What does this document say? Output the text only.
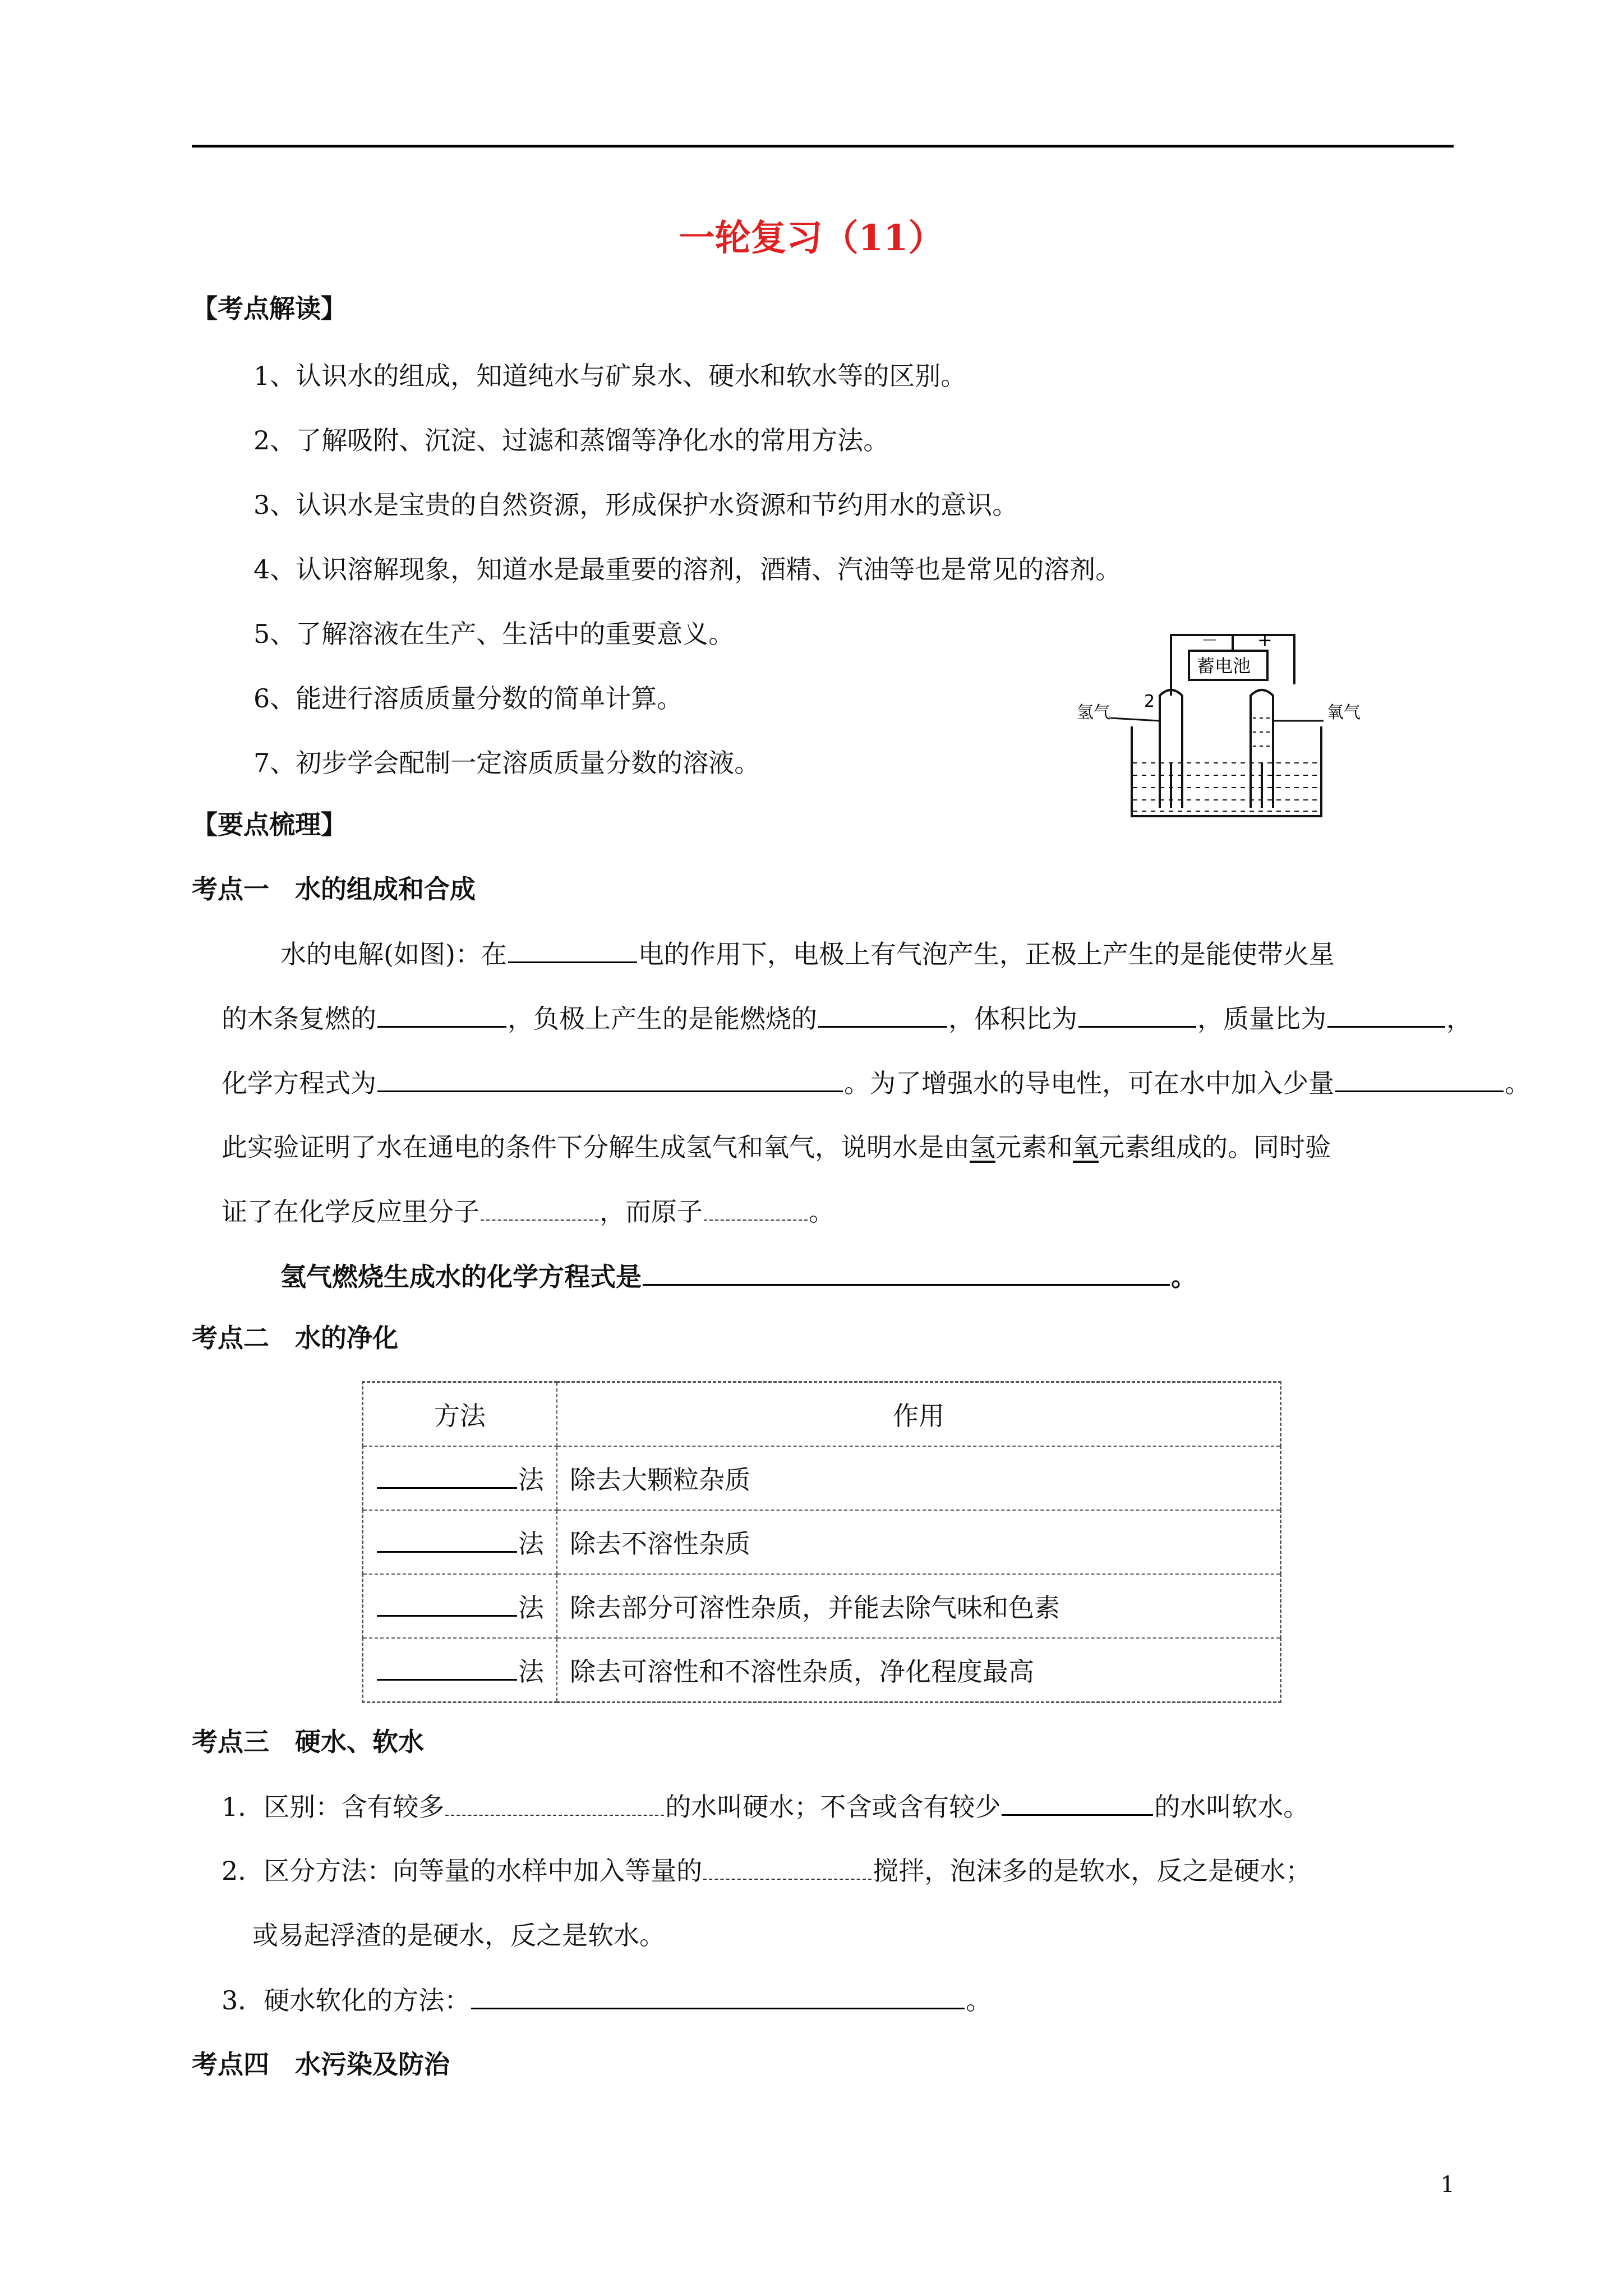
一轮复习（11）
【考点解读】
1、认识水的组成，知道纯水与矿泉水、硬水和软水等的区别。
2、了解吸附、沉淀、过滤和蒸馏等净化水的常用方法。
3、认识水是宝贵的自然资源，形成保护水资源和节约用水的意识。
4、认识溶解现象，知道水是最重要的溶剂，酒精、汽油等也是常见的溶剂。
5、了解溶液在生产、生活中的重要意义。
6、能进行溶质质量分数的简单计算。
7、初步学会配制一定溶质质量分数的溶液。
－ +
蓄电池
2
氢气	氧气
【要点梳理】
考点一　水的组成和合成
水的电解(如图)：在	电的作用下，电极上有气泡产生，正极上产生的是能使带火星
的木条复燃的	，负极上产生的是能燃烧的	，体积比为	，质量比为	，
化学方程式为	。为了增强水的导电性，可在水中加入少量	。
此实验证明了水在通电的条件下分解生成氢气和氧气，说明水是由氢元素和氧元素组成的。同时验
证了在化学反应里分子	，而原子	。
氢气燃烧生成水的化学方程式是	。
考点二　水的净化
方法	作用
法	除去大颗粒杂质
法	除去不溶性杂质
法	除去部分可溶性杂质，并能去除气味和色素
法	除去可溶性和不溶性杂质，净化程度最高
考点三　硬水、软水
1．区别：含有较多	的水叫硬水；不含或含有较少	的水叫软水。
2．区分方法：向等量的水样中加入等量的	搅拌，泡沫多的是软水，反之是硬水；
或易起浮渣的是硬水，反之是软水。
3．硬水软化的方法：	。
考点四　水污染及防治
1
